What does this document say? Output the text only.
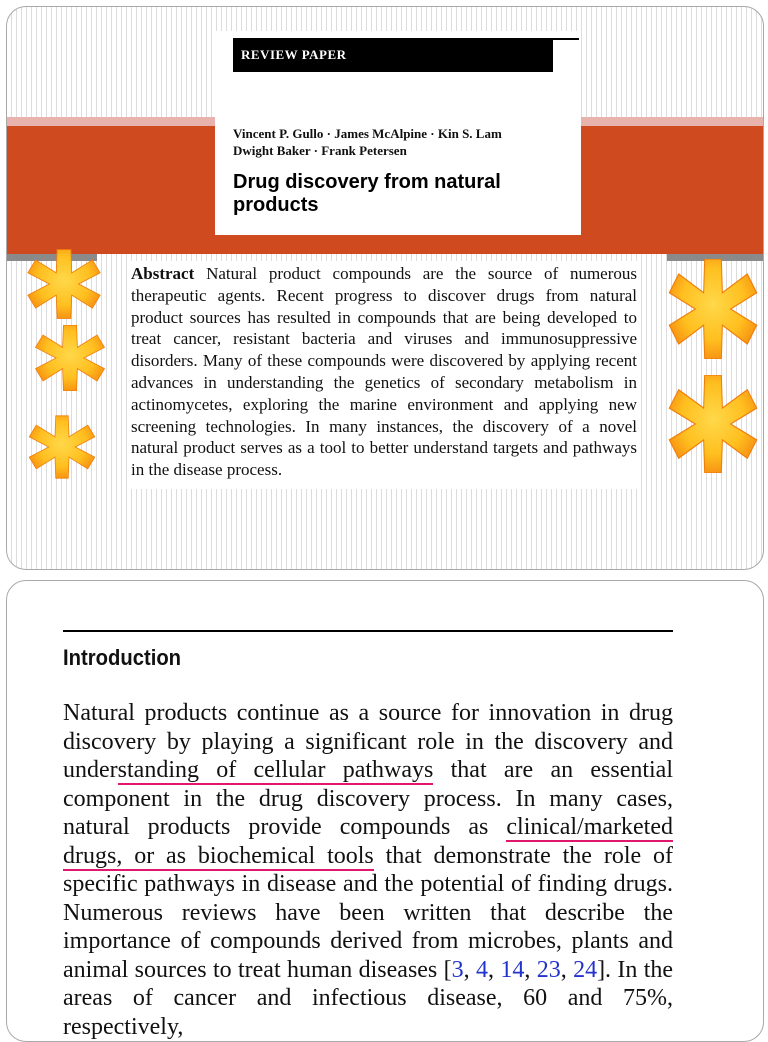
REVIEW PAPER
Vincent P. Gullo · James McAlpine · Kin S. Lam
Dwight Baker · Frank Petersen
Drug discovery from natural products
Abstract Natural product compounds are the source of numerous therapeutic agents. Recent progress to discover drugs from natural product sources has resulted in compounds that are being developed to treat cancer, resistant bacteria and viruses and immunosuppressive disorders. Many of these compounds were discovered by applying recent advances in understanding the genetics of secondary metabolism in actinomycetes, exploring the marine environment and applying new screening technologies. In many instances, the discovery of a novel natural product serves as a tool to better understand targets and pathways in the disease process.
Introduction
Natural products continue as a source for innovation in drug discovery by playing a significant role in the discovery and understanding of cellular pathways that are an essential component in the drug discovery process. In many cases, natural products provide compounds as clinical/marketed drugs, or as biochemical tools that demonstrate the role of specific pathways in disease and the potential of finding drugs. Numerous reviews have been written that describe the importance of compounds derived from microbes, plants and animal sources to treat human diseases [3, 4, 14, 23, 24]. In the areas of cancer and infectious disease, 60 and 75%, respectively,
